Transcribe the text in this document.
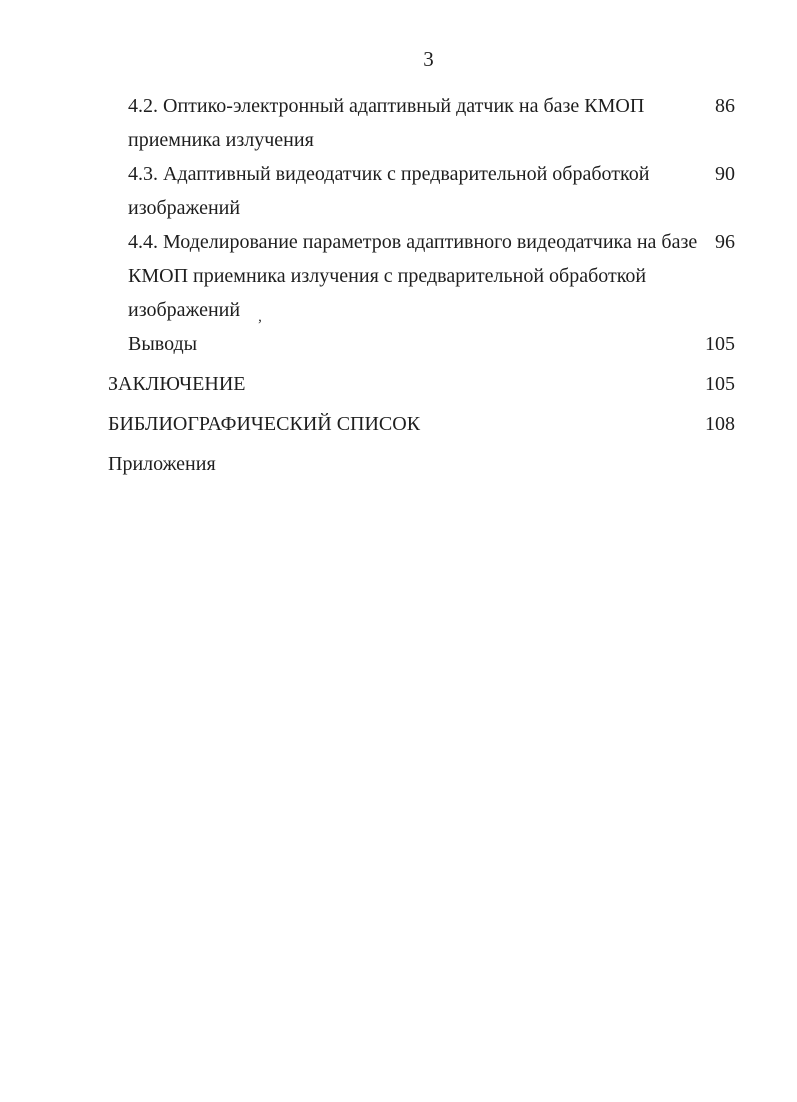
3
4.2. Оптико-электронный адаптивный датчик на базе КМОП	86
приемника излучения
4.3. Адаптивный видеодатчик с предварительной обработкой	90
изображений
4.4. Моделирование параметров адаптивного видеодатчика на базе 96
КМОП приемника излучения с предварительной обработкой
изображений ,
Выводы	105
ЗАКЛЮЧЕНИЕ	105
БИБЛИОГРАФИЧЕСКИЙ СПИСОК	108
Приложения
